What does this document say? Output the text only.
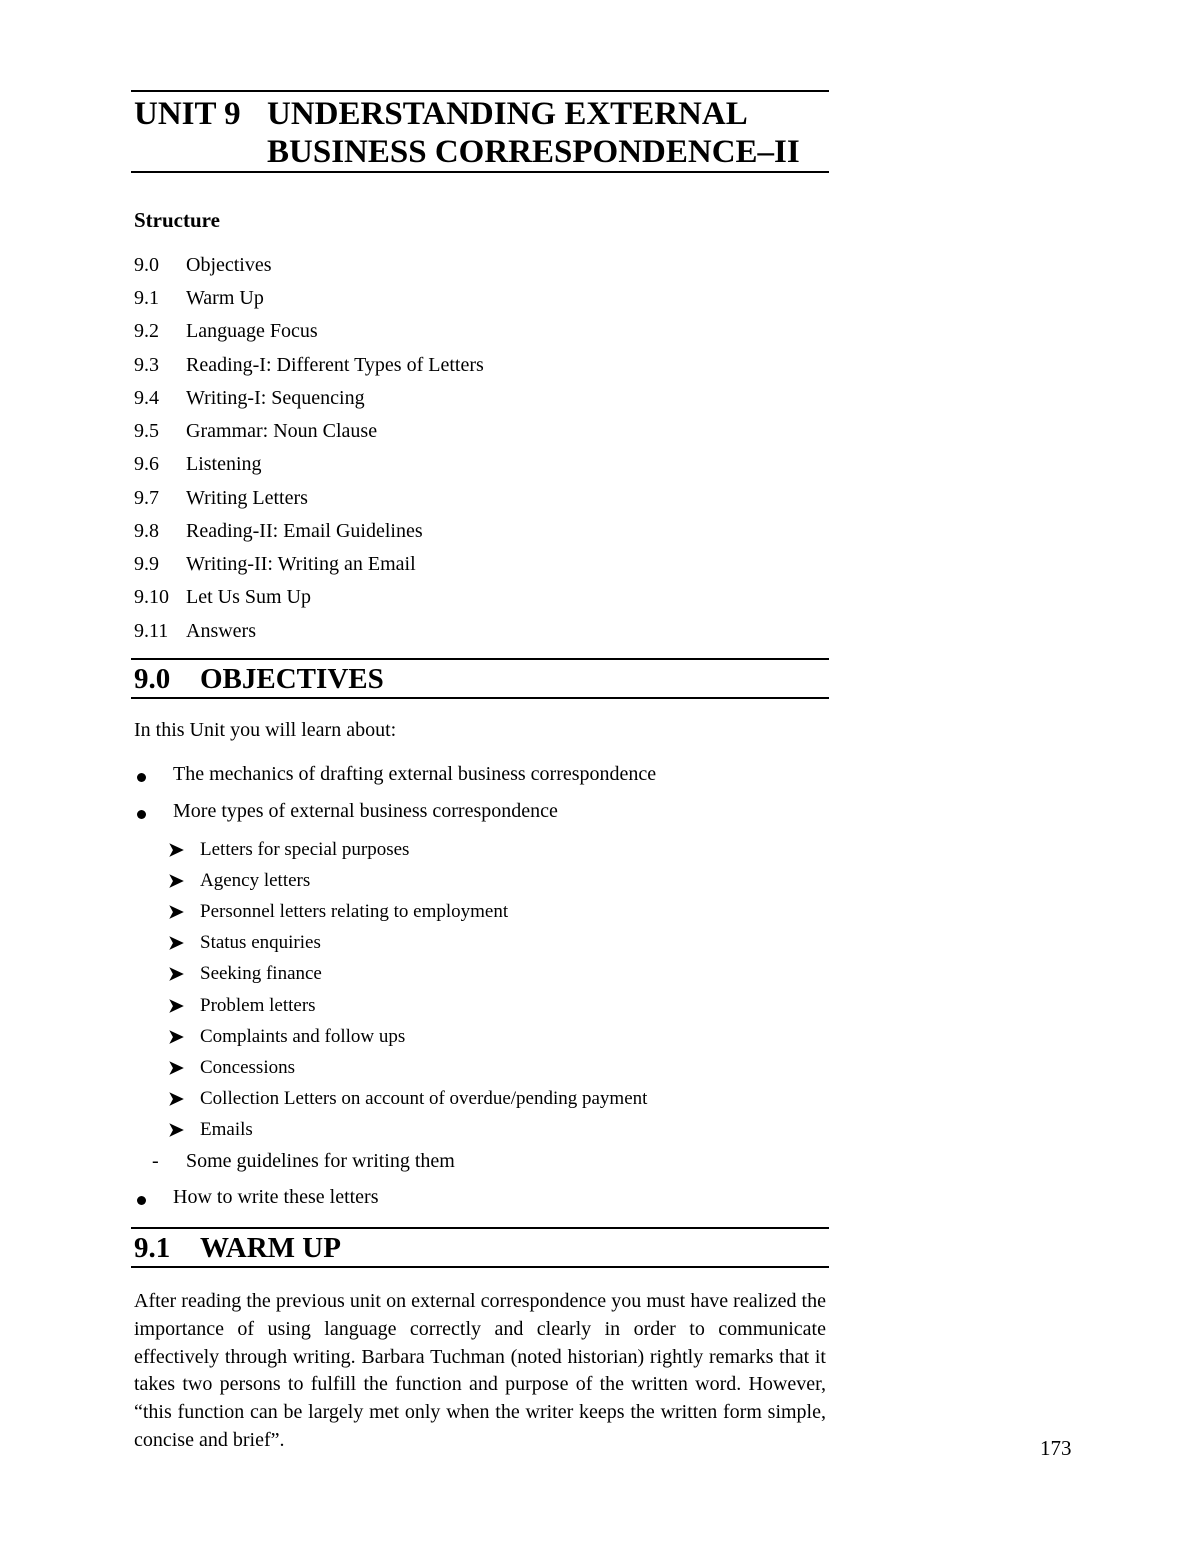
UNIT 9 UNDERSTANDING EXTERNAL
BUSINESS CORRESPONDENCE–II
Structure
9.0 Objectives
9.1 Warm Up
9.2 Language Focus
9.3 Reading-I: Different Types of Letters
9.4 Writing-I: Sequencing
9.5 Grammar: Noun Clause
9.6 Listening
9.7 Writing Letters
9.8 Reading-II: Email Guidelines
9.9 Writing-II: Writing an Email
9.10 Let Us Sum Up
9.11 Answers
9.0 OBJECTIVES
In this Unit you will learn about:
The mechanics of drafting external business correspondence
More types of external business correspondence
➤ Letters for special purposes
➤ Agency letters
➤ Personnel letters relating to employment
➤ Status enquiries
➤ Seeking finance
➤ Problem letters
➤ Complaints and follow ups
➤ Concessions
➤ Collection Letters on account of overdue/pending payment
➤ Emails
- Some guidelines for writing them
How to write these letters
9.1 WARM UP
After reading the previous unit on external correspondence you must have realized the importance of using language correctly and clearly in order to communicate effectively through writing. Barbara Tuchman (noted historian) rightly remarks that it takes two persons to fulfill the function and purpose of the written word. However, “this function can be largely met only when the writer keeps the written form simple, concise and brief”.	173
